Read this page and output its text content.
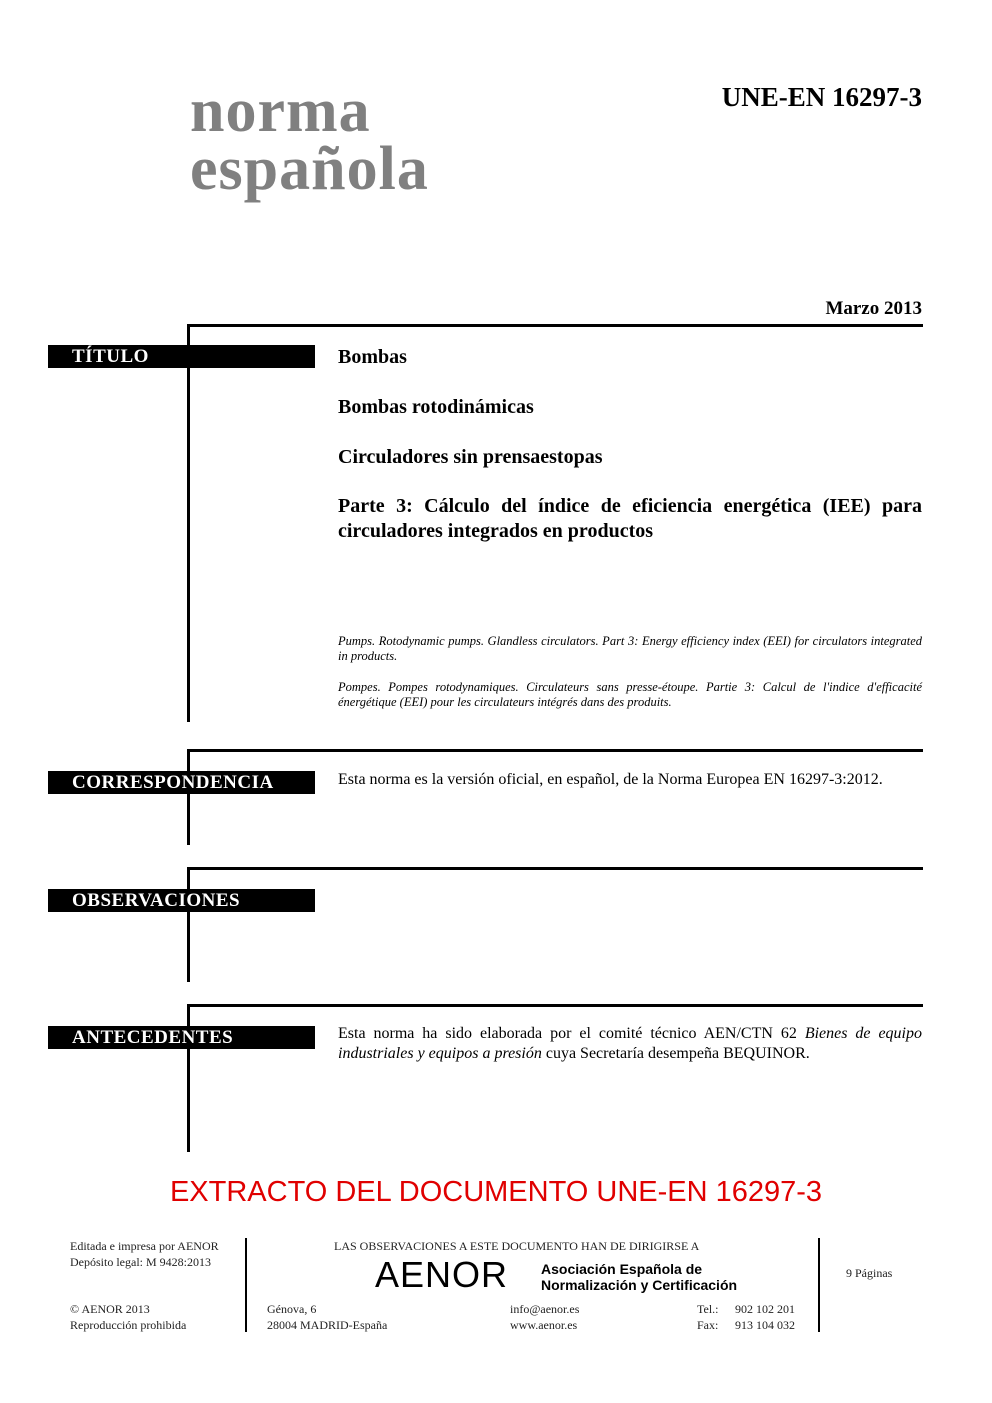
norma
española
UNE-EN 16297-3
Marzo 2013
TÍTULO	Bombas
Bombas rotodinámicas
Circuladores sin prensaestopas
Parte 3: Cálculo del índice de eficiencia energética (IEE) para circuladores integrados en productos
Pumps. Rotodynamic pumps. Glandless circulators. Part 3: Energy efficiency index (EEI) for circulators integrated in products.
Pompes. Pompes rotodynamiques. Circulateurs sans presse-étoupe. Partie 3: Calcul de l'indice d'efficacité énergétique (EEI) pour les circulateurs intégrés dans des produits.
CORRESPONDENCIA	Esta norma es la versión oficial, en español, de la Norma Europea EN 16297-3:2012.
OBSERVACIONES
ANTECEDENTES	Esta norma ha sido elaborada por el comité técnico AEN/CTN 62 Bienes de equipo industriales y equipos a presión cuya Secretaría desempeña BEQUINOR.
EXTRACTO DEL DOCUMENTO UNE-EN 16297-3
Editada e impresa por AENOR
Depósito legal: M 9428:2013
© AENOR 2013
Reproducción prohibida
LAS OBSERVACIONES A ESTE DOCUMENTO HAN DE DIRIGIRSE A
AENOR Asociación Española de
Normalización y Certificación
Génova, 6
28004 MADRID-España
info@aenor.es
www.aenor.es
Tel.: 902 102 201
Fax: 913 104 032
9 Páginas
